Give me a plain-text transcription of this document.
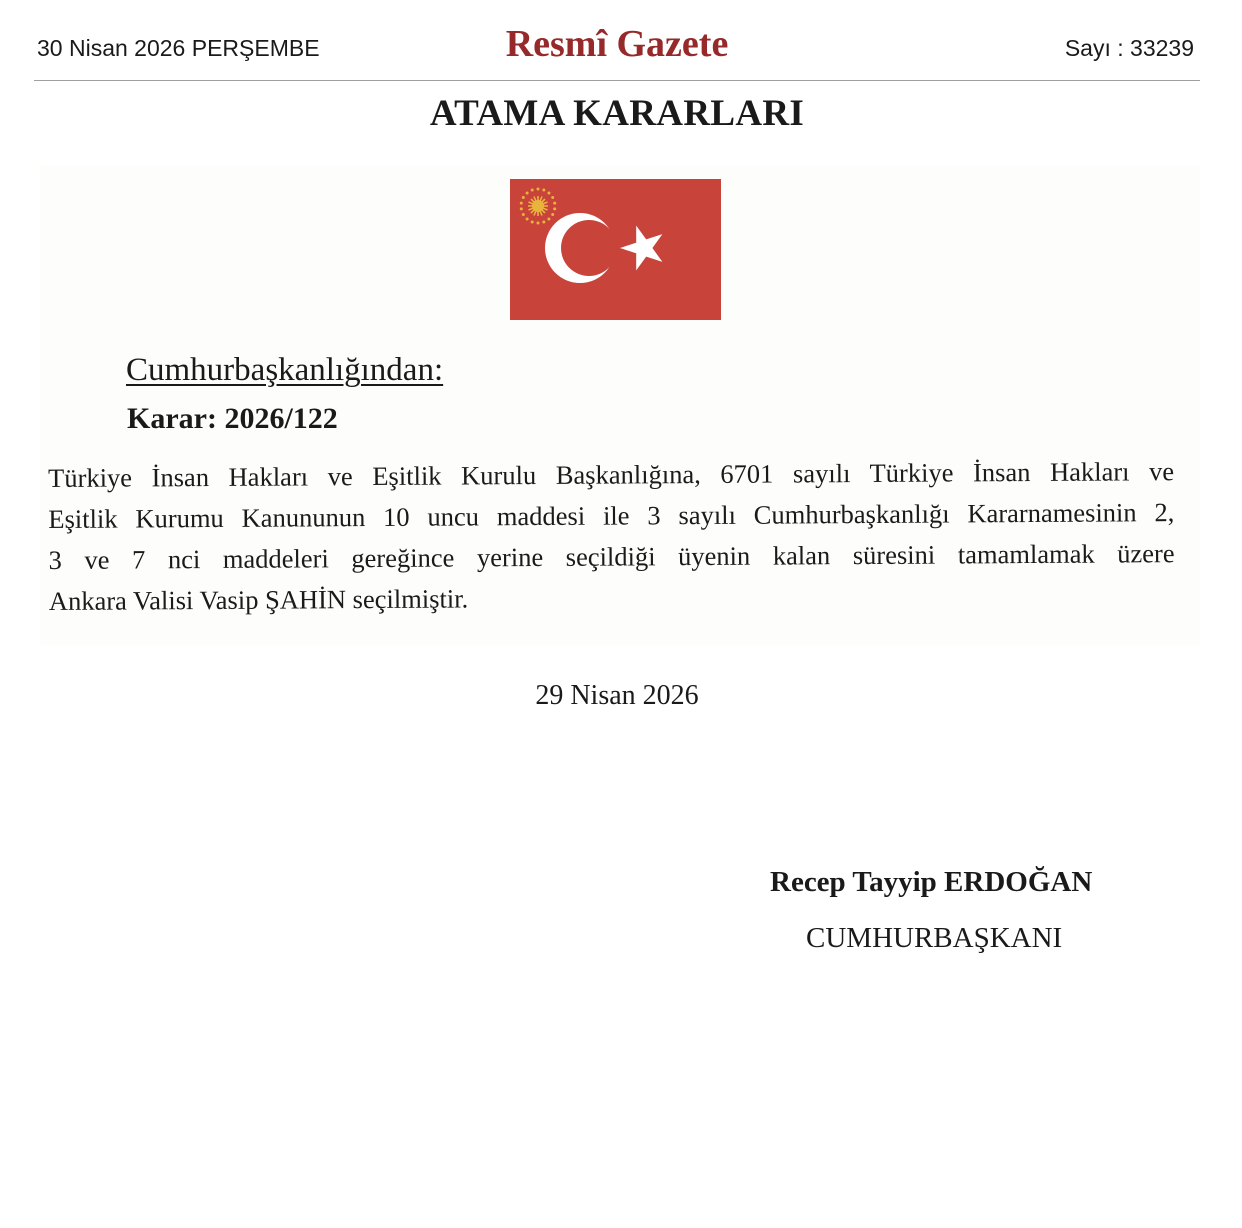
30 Nisan 2026 PERŞEMBE	Resmî Gazete	Sayı : 33239
ATAMA KARARLARI
Cumhurbaşkanlığından:
Karar: 2026/122
Türkiye İnsan Hakları ve Eşitlik Kurulu Başkanlığına, 6701 sayılı Türkiye İnsan Hakları ve
Eşitlik Kurumu Kanununun 10 uncu maddesi ile 3 sayılı Cumhurbaşkanlığı Kararnamesinin 2,
3 ve 7 nci maddeleri gereğince yerine seçildiği üyenin kalan süresini tamamlamak üzere
Ankara Valisi Vasip ŞAHİN seçilmiştir.
29 Nisan 2026
Recep Tayyip ERDOĞAN
CUMHURBAŞKANI
